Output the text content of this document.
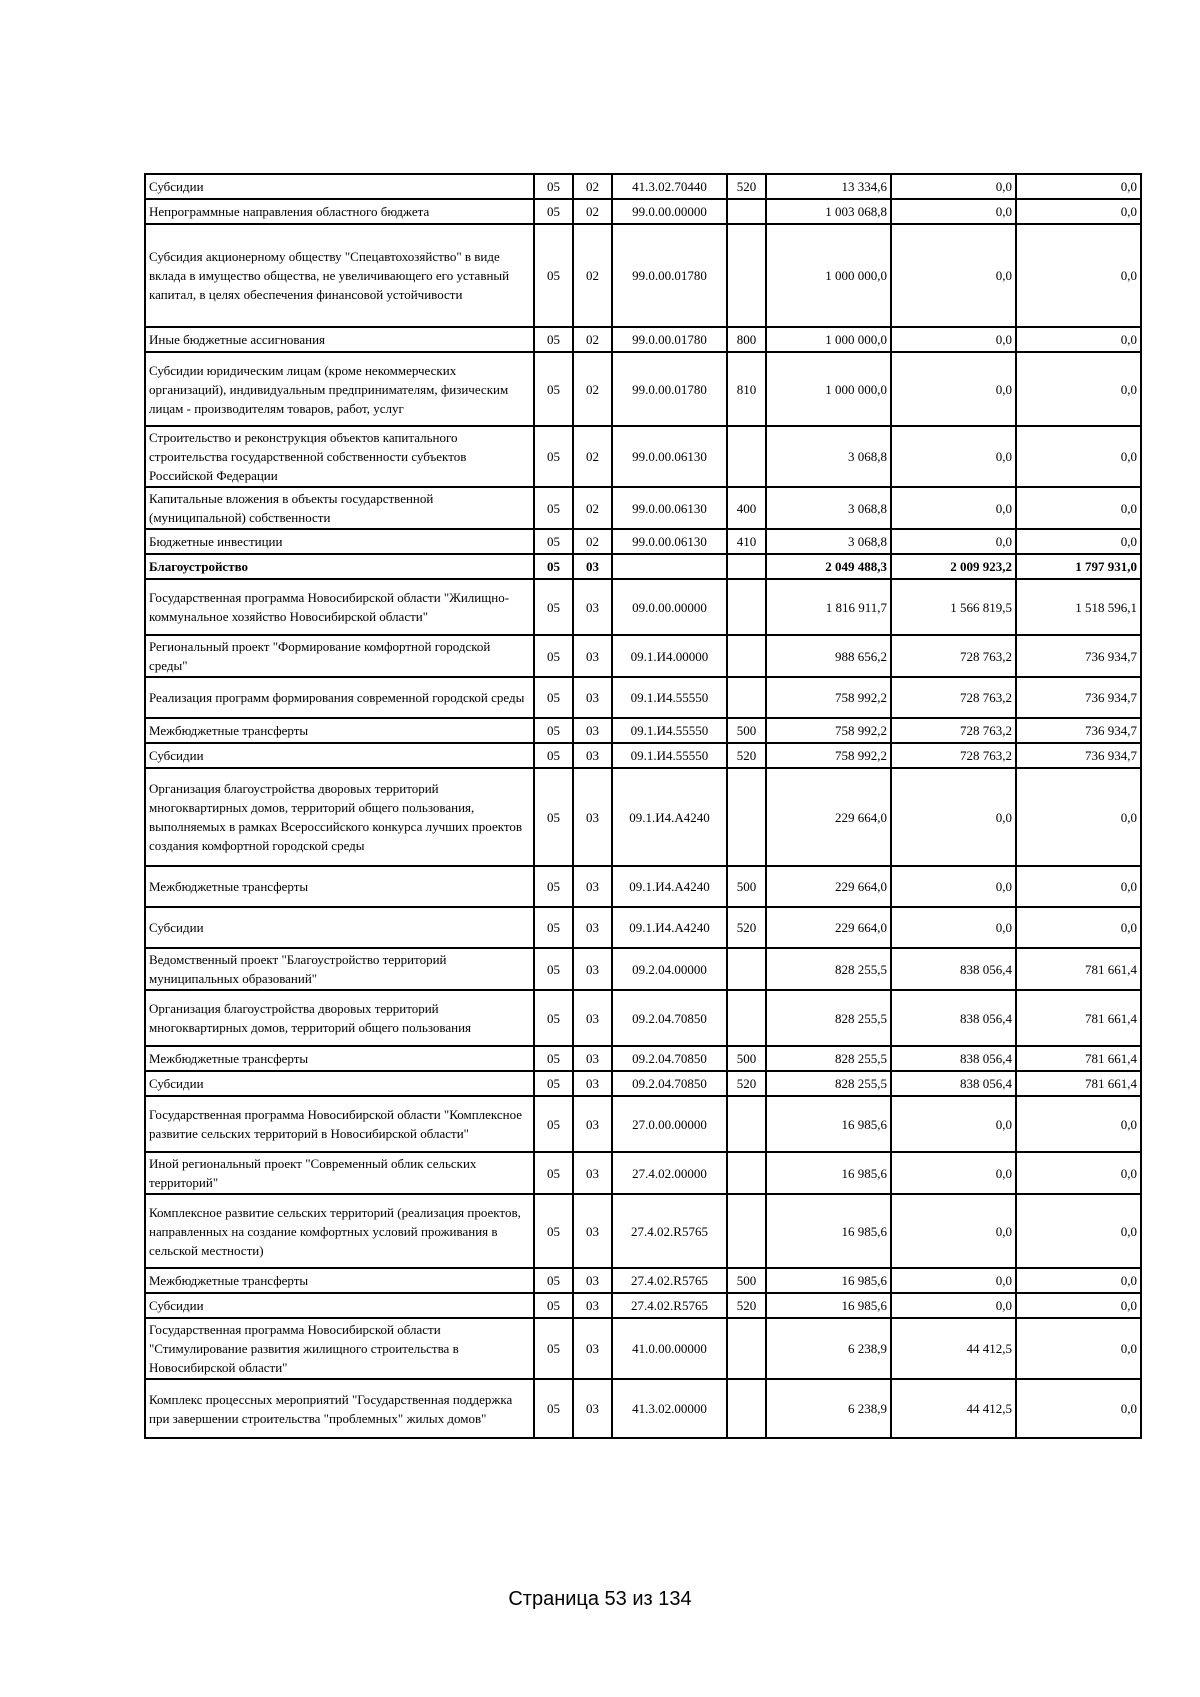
Субсидии	05	02	41.3.02.70440	520	13 334,6	0,0	0,0
Непрограммные направления областного бюджета	05	02	99.0.00.00000		1 003 068,8	0,0	0,0
Субсидия акционерному обществу "Спецавтохозяйство" в виде вклада в имущество общества, не увеличивающего его уставный капитал, в целях обеспечения финансовой устойчивости	05	02	99.0.00.01780		1 000 000,0	0,0	0,0
Иные бюджетные ассигнования	05	02	99.0.00.01780	800	1 000 000,0	0,0	0,0
Субсидии юридическим лицам (кроме некоммерческих организаций), индивидуальным предпринимателям, физическим лицам - производителям товаров, работ, услуг	05	02	99.0.00.01780	810	1 000 000,0	0,0	0,0
Строительство и реконструкция объектов капитального строительства государственной собственности субъектов Российской Федерации	05	02	99.0.00.06130		3 068,8	0,0	0,0
Капитальные вложения в объекты государственной (муниципальной) собственности	05	02	99.0.00.06130	400	3 068,8	0,0	0,0
Бюджетные инвестиции	05	02	99.0.00.06130	410	3 068,8	0,0	0,0
Благоустройство	05	03			2 049 488,3	2 009 923,2	1 797 931,0
Государственная программа Новосибирской области "Жилищно-коммунальное хозяйство Новосибирской области"	05	03	09.0.00.00000		1 816 911,7	1 566 819,5	1 518 596,1
Региональный проект "Формирование комфортной городской среды"	05	03	09.1.И4.00000		988 656,2	728 763,2	736 934,7
Реализация программ формирования современной городской среды	05	03	09.1.И4.55550		758 992,2	728 763,2	736 934,7
Межбюджетные трансферты	05	03	09.1.И4.55550	500	758 992,2	728 763,2	736 934,7
Субсидии	05	03	09.1.И4.55550	520	758 992,2	728 763,2	736 934,7
Организация благоустройства дворовых территорий многоквартирных домов, территорий общего пользования, выполняемых в рамках Всероссийского конкурса лучших проектов создания комфортной городской среды	05	03	09.1.И4.А4240		229 664,0	0,0	0,0
Межбюджетные трансферты	05	03	09.1.И4.А4240	500	229 664,0	0,0	0,0
Субсидии	05	03	09.1.И4.А4240	520	229 664,0	0,0	0,0
Ведомственный проект "Благоустройство территорий муниципальных образований"	05	03	09.2.04.00000		828 255,5	838 056,4	781 661,4
Организация благоустройства дворовых территорий многоквартирных домов, территорий общего пользования	05	03	09.2.04.70850		828 255,5	838 056,4	781 661,4
Межбюджетные трансферты	05	03	09.2.04.70850	500	828 255,5	838 056,4	781 661,4
Субсидии	05	03	09.2.04.70850	520	828 255,5	838 056,4	781 661,4
Государственная программа Новосибирской области "Комплексное развитие сельских территорий в Новосибирской области"	05	03	27.0.00.00000		16 985,6	0,0	0,0
Иной региональный проект "Современный облик сельских территорий"	05	03	27.4.02.00000		16 985,6	0,0	0,0
Комплексное развитие сельских территорий (реализация проектов, направленных на создание комфортных условий проживания в сельской местности)	05	03	27.4.02.R5765		16 985,6	0,0	0,0
Межбюджетные трансферты	05	03	27.4.02.R5765	500	16 985,6	0,0	0,0
Субсидии	05	03	27.4.02.R5765	520	16 985,6	0,0	0,0
Государственная программа Новосибирской области "Стимулирование развития жилищного строительства в Новосибирской области"	05	03	41.0.00.00000		6 238,9	44 412,5	0,0
Комплекс процессных мероприятий "Государственная поддержка при завершении строительства "проблемных" жилых домов"	05	03	41.3.02.00000		6 238,9	44 412,5	0,0
Страница 53 из 134
